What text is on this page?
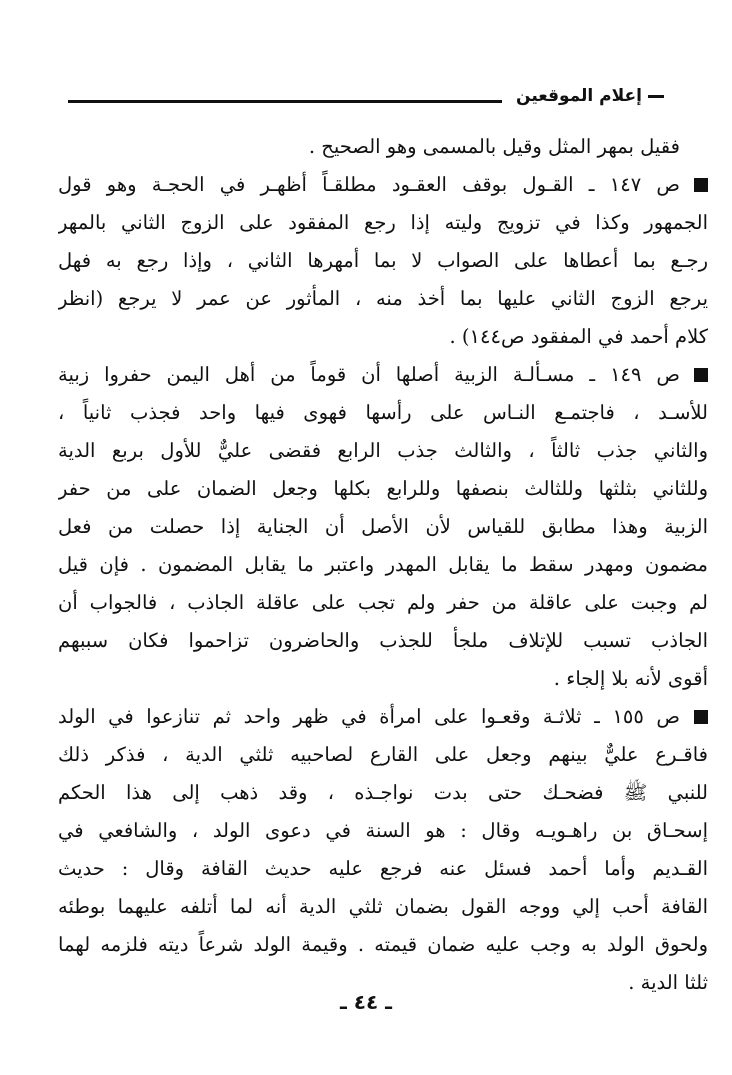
إعلام الموقعين
فقيل بمهر المثل وقيل بالمسمى وهو الصحيح .
ص ١٤٧ ـ القـول بوقف العقـود مطلقـاً أظهـر في الحجـة وهو قول
الجمهور وكذا في تزويج وليته إذا رجع المفقود على الزوج الثاني بالمهر
رجـع بما أعطاها على الصواب لا بما أمهرها الثاني ، وإذا رجع به فهل
يرجع الزوج الثاني عليها بما أخذ منه ، المأثور عن عمر لا يرجع (انظر
كلام أحمد في المفقود ص١٤٤) .
ص ١٤٩ ـ مسـألـة الزبية أصلها أن قوماً من أهل اليمن حفروا زبية
للأسـد ، فاجتمـع النـاس على رأسها فهوى فيها واحد فجذب ثانياً ،
والثاني جذب ثالثاً ، والثالث جذب الرابع فقضى عليٌّ للأول بربع الدية
وللثاني بثلثها وللثالث بنصفها وللرابع بكلها وجعل الضمان على من حفر
الزبية وهذا مطابق للقياس لأن الأصل أن الجناية إذا حصلت من فعل
مضمون ومهدر سقط ما يقابل المهدر واعتبر ما يقابل المضمون . فإن قيل
لم وجبت على عاقلة من حفر ولم تجب على عاقلة الجاذب ، فالجواب أن
الجاذب تسبب للإتلاف ملجأ للجذب والحاضرون تزاحموا فكان سببهم
أقوى لأنه بلا إلجاء .
ص ١٥٥ ـ ثلاثـة وقعـوا على امرأة في ظهر واحد ثم تنازعوا في الولد
فاقـرع عليٌّ بينهم وجعل على القارع لصاحبيه ثلثي الدية ، فذكر ذلك
للنبي ﷺ فضحـك حتى بدت نواجـذه ، وقد ذهب إلى هذا الحكم
إسحـاق بن راهـويـه وقال : هو السنة في دعوى الولد ، والشافعي في
القـديم وأما أحمد فسئل عنه فرجع عليه حديث القافة وقال : حديث
القافة أحب إلي ووجه القول بضمان ثلثي الدية أنه لما أتلفه عليهما بوطئه
ولحوق الولد به وجب عليه ضمان قيمته . وقيمة الولد شرعاً ديته فلزمه لهما
ثلثا الدية .
ـ ٤٤ ـ
